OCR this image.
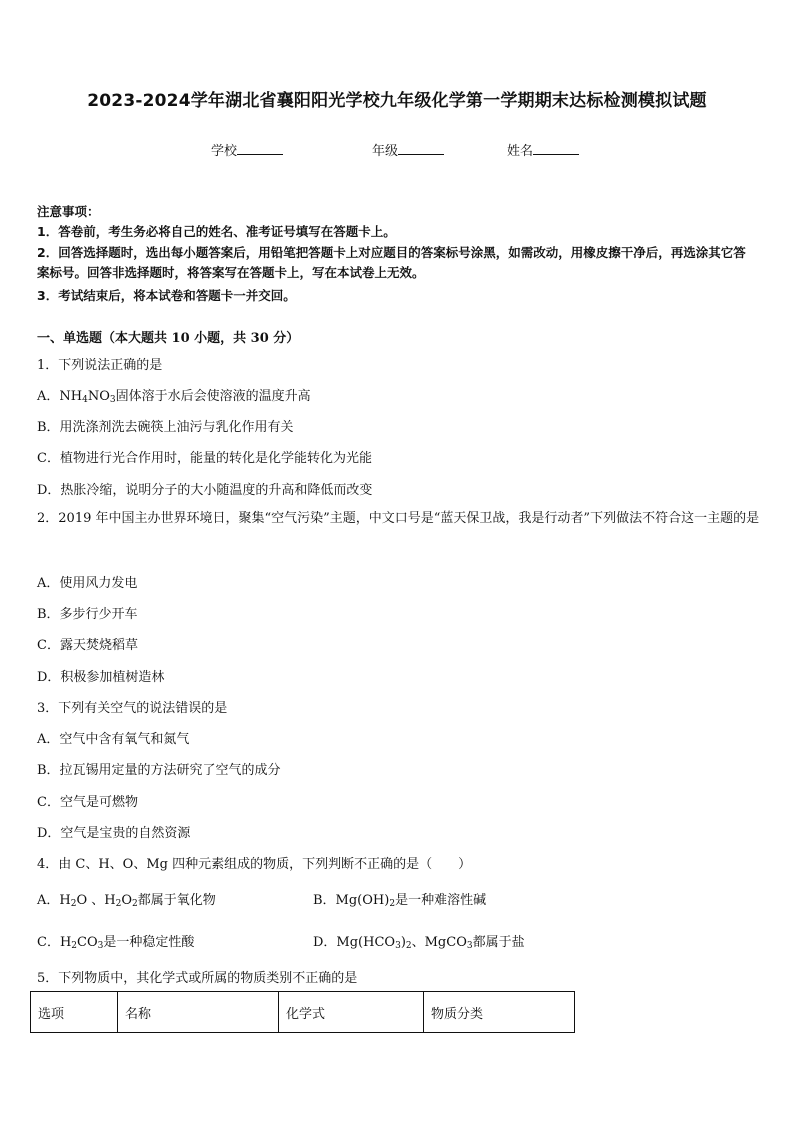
2023-2024学年湖北省襄阳阳光学校九年级化学第一学期期末达标检测模拟试题
学校	年级	姓名
注意事项：
1．答卷前，考生务必将自己的姓名、准考证号填写在答题卡上。
2．回答选择题时，选出每小题答案后，用铅笔把答题卡上对应题目的答案标号涂黑，如需改动，用橡皮擦干净后，再选涂其它答案标号。回答非选择题时，将答案写在答题卡上，写在本试卷上无效。
3．考试结束后，将本试卷和答题卡一并交回。
一、单选题（本大题共 10 小题，共 30 分）
1．下列说法正确的是
A．$NH_4NO_3$固体溶于水后会使溶液的温度升高
B．用洗涤剂洗去碗筷上油污与乳化作用有关
C．植物进行光合作用时，能量的转化是化学能转化为光能
D．热胀冷缩，说明分子的大小随温度的升高和降低而改变
2．2019 年中国主办世界环境日，聚集“空气污染”主题，中文口号是“蓝天保卫战，我是行动者”下列做法不符合这一主题的是
A．使用风力发电
B．多步行少开车
C．露天焚烧稻草
D．积极参加植树造林
3．下列有关空气的说法错误的是
A．空气中含有氧气和氮气
B．拉瓦锡用定量的方法研究了空气的成分
C．空气是可燃物
D．空气是宝贵的自然资源
4．由 C、H、O、Mg 四种元素组成的物质，下列判断不正确的是（　　）
A．$H_2O$ 、$H_2O_2$都属于氧化物	B．$Mg(OH)_2$是一种难溶性碱
C．$H_2CO_3$是一种稳定性酸	D．$Mg(HCO_3)_2$、MgCO$_3$都属于盐
5．下列物质中，其化学式或所属的物质类别不正确的是
选项	名称	化学式	物质分类
